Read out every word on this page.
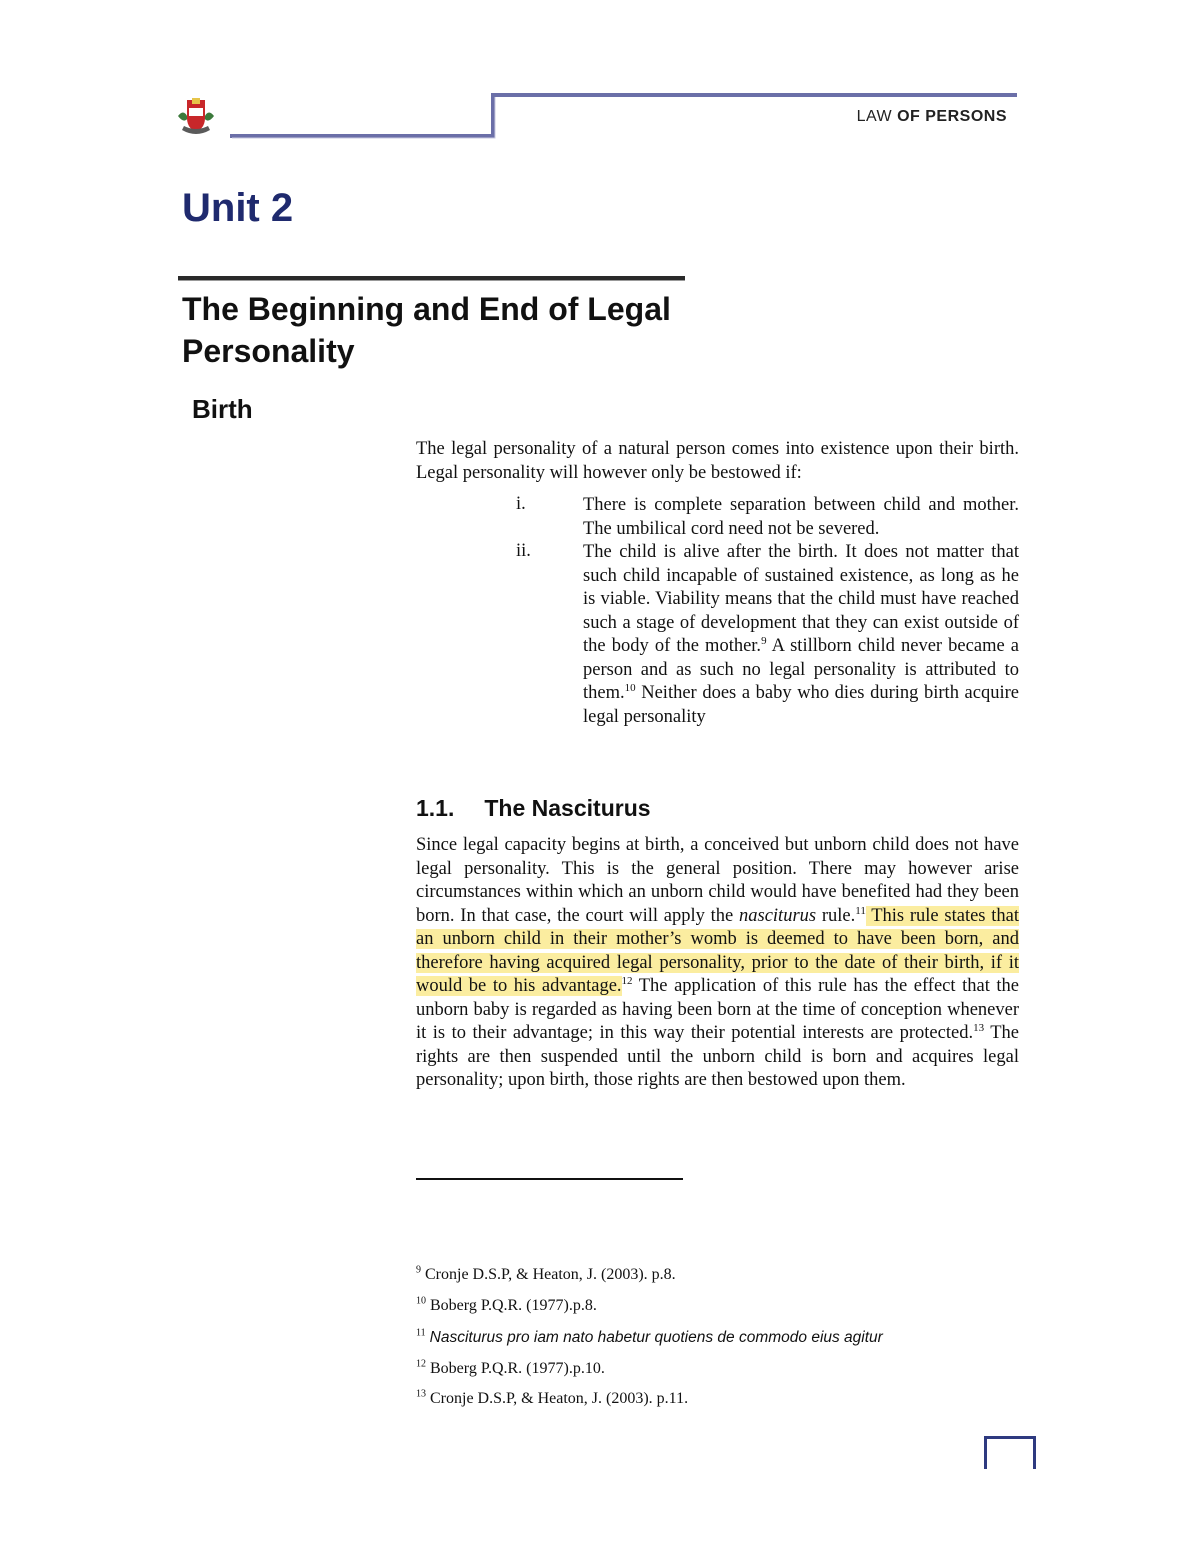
LAW OF PERSONS
Unit 2
The Beginning and End of Legal Personality
Birth
The legal personality of a natural person comes into existence upon their birth. Legal personality will however only be bestowed if:
i.	There is complete separation between child and mother. The umbilical cord need not be severed.
ii.	The child is alive after the birth. It does not matter that such child incapable of sustained existence, as long as he is viable. Viability means that the child must have reached such a stage of development that they can exist outside of the body of the mother.$^9$ A stillborn child never became a person and as such no legal personality is attributed to them.$^{10}$ Neither does a baby who dies during birth acquire legal personality
1.1. The Nasciturus
Since legal capacity begins at birth, a conceived but unborn child does not have legal personality. This is the general position. There may however arise circumstances within which an unborn child would have benefited had they been born. In that case, the court will apply the nasciturus rule.$^{11}$ This rule states that an unborn child in their mother’s womb is deemed to have been born, and therefore having acquired legal personality, prior to the date of their birth, if it would be to his advantage.$^{12}$ The application of this rule has the effect that the unborn baby is regarded as having been born at the time of conception whenever it is to their advantage; in this way their potential interests are protected.$^{13}$ The rights are then suspended until the unborn child is born and acquires legal personality; upon birth, those rights are then bestowed upon them.
$^9$ Cronje D.S.P, & Heaton, J. (2003). p.8.
$^{10}$ Boberg P.Q.R. (1977).p.8.
$^{11}$ Nasciturus pro iam nato habetur quotiens de commodo eius agitur
$^{12}$ Boberg P.Q.R. (1977).p.10.
$^{13}$ Cronje D.S.P, & Heaton, J. (2003). p.11.
